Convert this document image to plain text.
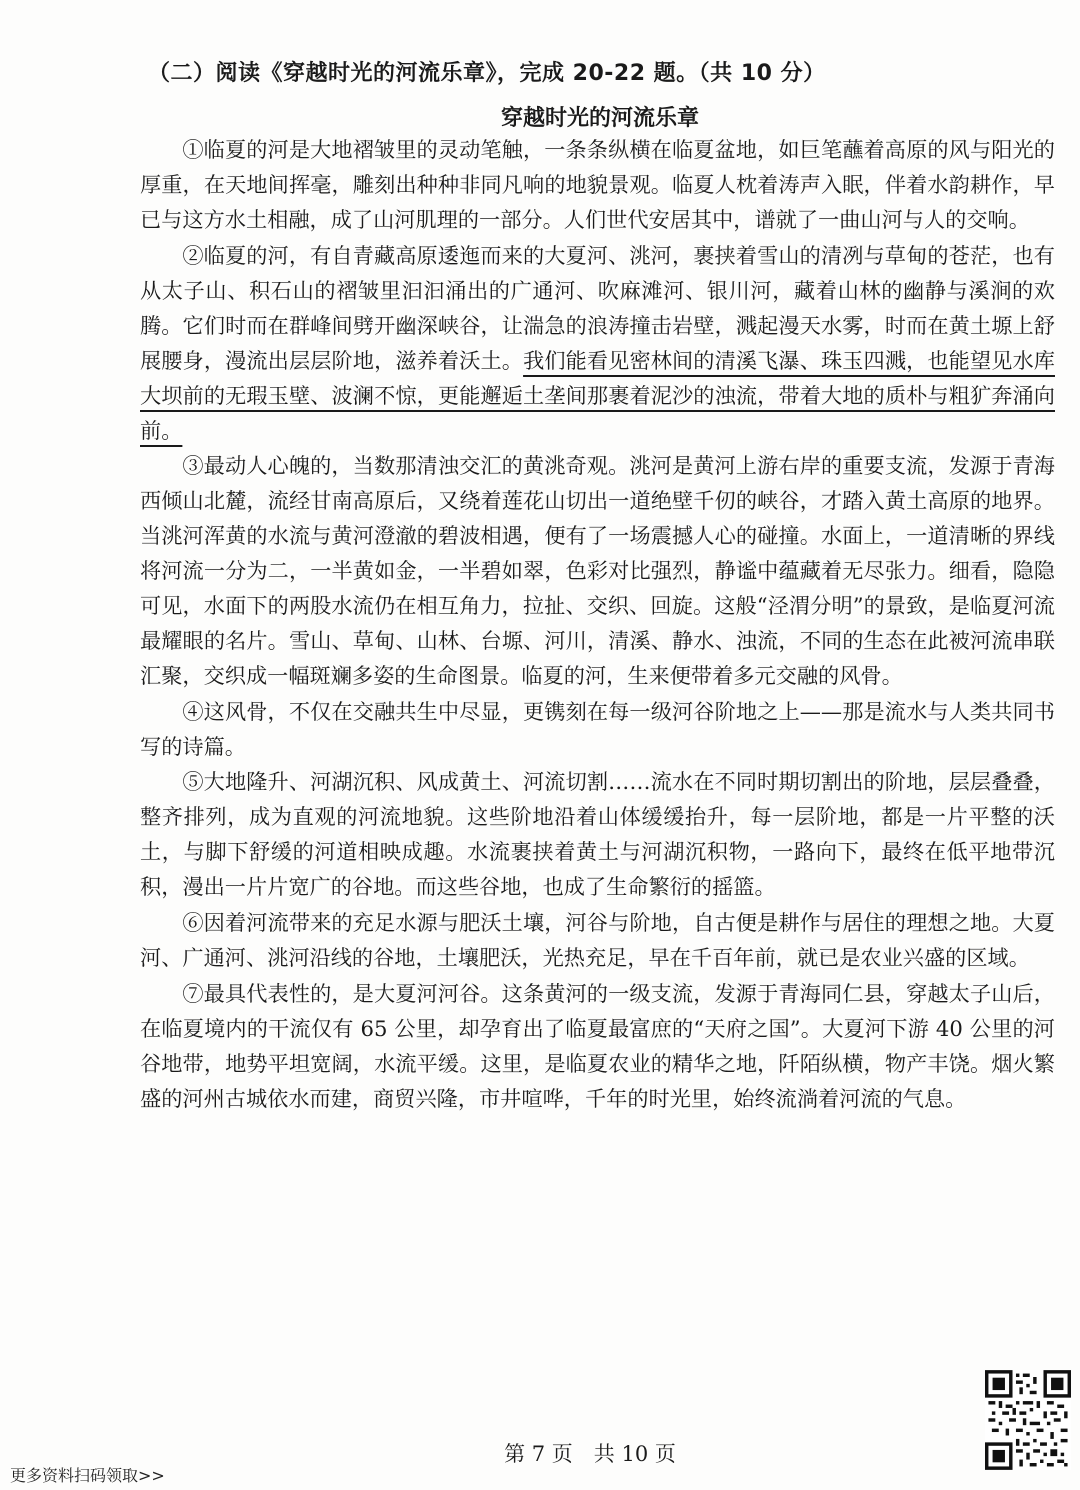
（二）阅读《穿越时光的河流乐章》，完成 20-22 题。（共 10 分）
穿越时光的河流乐章

①临夏的河是大地褶皱里的灵动笔触，一条条纵横在临夏盆地，如巨笔蘸着高原的风与阳光的厚重，在天地间挥毫，雕刻出种种非同凡响的地貌景观。临夏人枕着涛声入眠，伴着水韵耕作，早已与这方水土相融，成了山河肌理的一部分。人们世代安居其中，谱就了一曲山河与人的交响。

②临夏的河，有自青藏高原逶迤而来的大夏河、洮河，裹挟着雪山的清冽与草甸的苍茫，也有从太子山、积石山的褶皱里汩汩涌出的广通河、吹麻滩河、银川河，藏着山林的幽静与溪涧的欢腾。它们时而在群峰间劈开幽深峡谷，让湍急的浪涛撞击岩壁，溅起漫天水雾，时而在黄土塬上舒展腰身，漫流出层层阶地，滋养着沃土。我们能看见密林间的清溪飞瀑、珠玉四溅，也能望见水库大坝前的无瑕玉壁、波澜不惊，更能邂逅土垄间那裹着泥沙的浊流，带着大地的质朴与粗犷奔涌向前。

③最动人心魄的，当数那清浊交汇的黄洮奇观。洮河是黄河上游右岸的重要支流，发源于青海西倾山北麓，流经甘南高原后，又绕着莲花山切出一道绝壁千仞的峡谷，才踏入黄土高原的地界。当洮河浑黄的水流与黄河澄澈的碧波相遇，便有了一场震撼人心的碰撞。水面上，一道清晰的界线将河流一分为二，一半黄如金，一半碧如翠，色彩对比强烈，静谧中蕴藏着无尽张力。细看，隐隐可见，水面下的两股水流仍在相互角力，拉扯、交织、回旋。这般“泾渭分明”的景致，是临夏河流最耀眼的名片。雪山、草甸、山林、台塬、河川，清溪、静水、浊流，不同的生态在此被河流串联汇聚，交织成一幅斑斓多姿的生命图景。临夏的河，生来便带着多元交融的风骨。

④这风骨，不仅在交融共生中尽显，更镌刻在每一级河谷阶地之上——那是流水与人类共同书写的诗篇。

⑤大地隆升、河湖沉积、风成黄土、河流切割……流水在不同时期切割出的阶地，层层叠叠，整齐排列，成为直观的河流地貌。这些阶地沿着山体缓缓抬升，每一层阶地，都是一片平整的沃土，与脚下舒缓的河道相映成趣。水流裹挟着黄土与河湖沉积物，一路向下，最终在低平地带沉积，漫出一片片宽广的谷地。而这些谷地，也成了生命繁衍的摇篮。

⑥因着河流带来的充足水源与肥沃土壤，河谷与阶地，自古便是耕作与居住的理想之地。大夏河、广通河、洮河沿线的谷地，土壤肥沃，光热充足，早在千百年前，就已是农业兴盛的区域。

⑦最具代表性的，是大夏河河谷。这条黄河的一级支流，发源于青海同仁县，穿越太子山后，在临夏境内的干流仅有 65 公里，却孕育出了临夏最富庶的“天府之国”。大夏河下游 40 公里的河谷地带，地势平坦宽阔，水流平缓。这里，是临夏农业的精华之地，阡陌纵横，物产丰饶。烟火繁盛的河州古城依水而建，商贸兴隆，市井喧哗，千年的时光里，始终流淌着河流的气息。

第 7 页　共 10 页
更多资料扫码领取>>
